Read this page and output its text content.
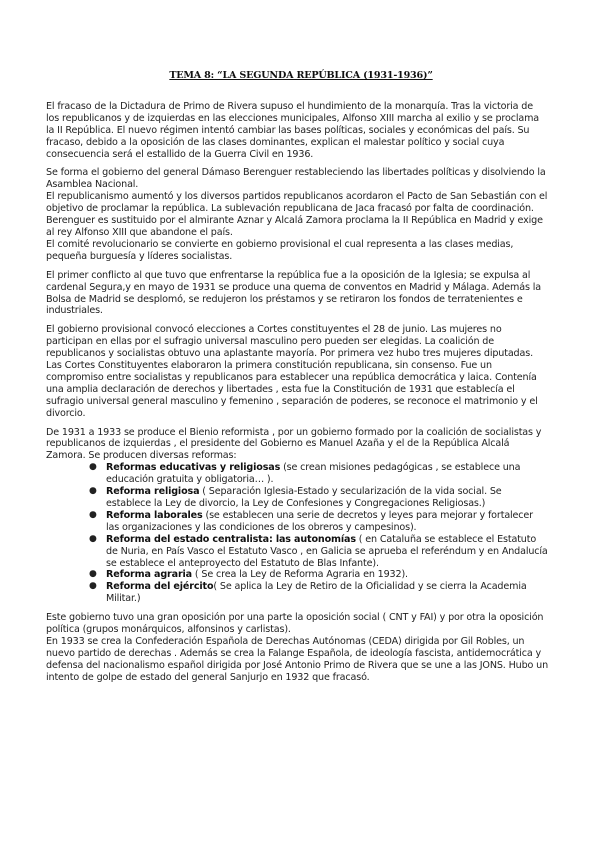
TEMA 8: “LA SEGUNDA REPÚBLICA (1931-1936)”

El fracaso de la Dictadura de Primo de Rivera supuso el hundimiento de la monarquía. Tras la victoria de los republicanos y de izquierdas en las elecciones municipales, Alfonso XIII marcha al exilio y se proclama la II República. El nuevo régimen intentó cambiar las bases políticas, sociales y económicas del país. Su fracaso, debido a la oposición de las clases dominantes, explican el malestar político y social cuya consecuencia será el estallido de la Guerra Civil en 1936.

Se forma el gobierno del general Dámaso Berenguer restableciendo las libertades políticas y disolviendo la Asamblea Nacional.

El republicanismo aumentó y los diversos partidos republicanos acordaron el Pacto de San Sebastián con el objetivo de proclamar la república. La sublevación republicana de Jaca fracasó por falta de coordinación.

Berenguer es sustituido por el almirante Aznar y Alcalá Zamora proclama la II República en Madrid y exige al rey Alfonso XIII que abandone el país.

El comité revolucionario se convierte en gobierno provisional el cual representa a las clases medias, pequeña burguesía y líderes socialistas.

El primer conflicto al que tuvo que enfrentarse la república fue a la oposición de la Iglesia; se expulsa al cardenal Segura,y en mayo de 1931 se produce una quema de conventos en Madrid y Málaga. Además la Bolsa de Madrid se desplomó, se redujeron los préstamos y se retiraron los fondos de terratenientes e industriales.

El gobierno provisional convocó elecciones a Cortes constituyentes el 28 de junio. Las mujeres no participan en ellas por el sufragio universal masculino pero pueden ser elegidas. La coalición de republicanos y socialistas obtuvo una aplastante mayoría. Por primera vez hubo tres mujeres diputadas.

Las Cortes Constituyentes elaboraron la primera constitución republicana, sin consenso. Fue un compromiso entre socialistas y republicanos para establecer una república democrática y laica. Contenía una amplia declaración de derechos y libertades , esta fue la Constitución de 1931 que establecía el sufragio universal general masculino y femenino , separación de poderes, se reconoce el matrimonio y el divorcio.

De 1931 a 1933 se produce el Bienio reformista , por un gobierno formado por la coalición de socialistas y republicanos de izquierdas , el presidente del Gobierno es Manuel Azaña y el de la República Alcalá Zamora. Se producen diversas reformas:

● Reformas educativas y religiosas (se crean misiones pedagógicas , se establece una educación gratuita y obligatoria… ).
● Reforma religiosa ( Separación Iglesia-Estado y secularización de la vida social. Se establece la Ley de divorcio, la Ley de Confesiones y Congregaciones Religiosas.)
● Reforma laborales (se establecen una serie de decretos y leyes para mejorar y fortalecer las organizaciones y las condiciones de los obreros y campesinos).
● Reforma del estado centralista: las autonomías ( en Cataluña se establece el Estatuto de Nuria, en País Vasco el Estatuto Vasco , en Galicia se aprueba el referéndum y en Andalucía se establece el anteproyecto del Estatuto de Blas Infante).
● Reforma agraria ( Se crea la Ley de Reforma Agraria en 1932).
● Reforma del ejército( Se aplica la Ley de Retiro de la Oficialidad y se cierra la Academia Militar.)

Este gobierno tuvo una gran oposición por una parte la oposición social ( CNT y FAI) y por otra la oposición política (grupos monárquicos, alfonsinos y carlistas).

En 1933 se crea la Confederación Española de Derechas Autónomas (CEDA) dirigida por Gil Robles, un nuevo partido de derechas . Además se crea la Falange Española, de ideología fascista, antidemocrática y defensa del nacionalismo español dirigida por José Antonio Primo de Rivera que se une a las JONS. Hubo un intento de golpe de estado del general Sanjurjo en 1932 que fracasó.
